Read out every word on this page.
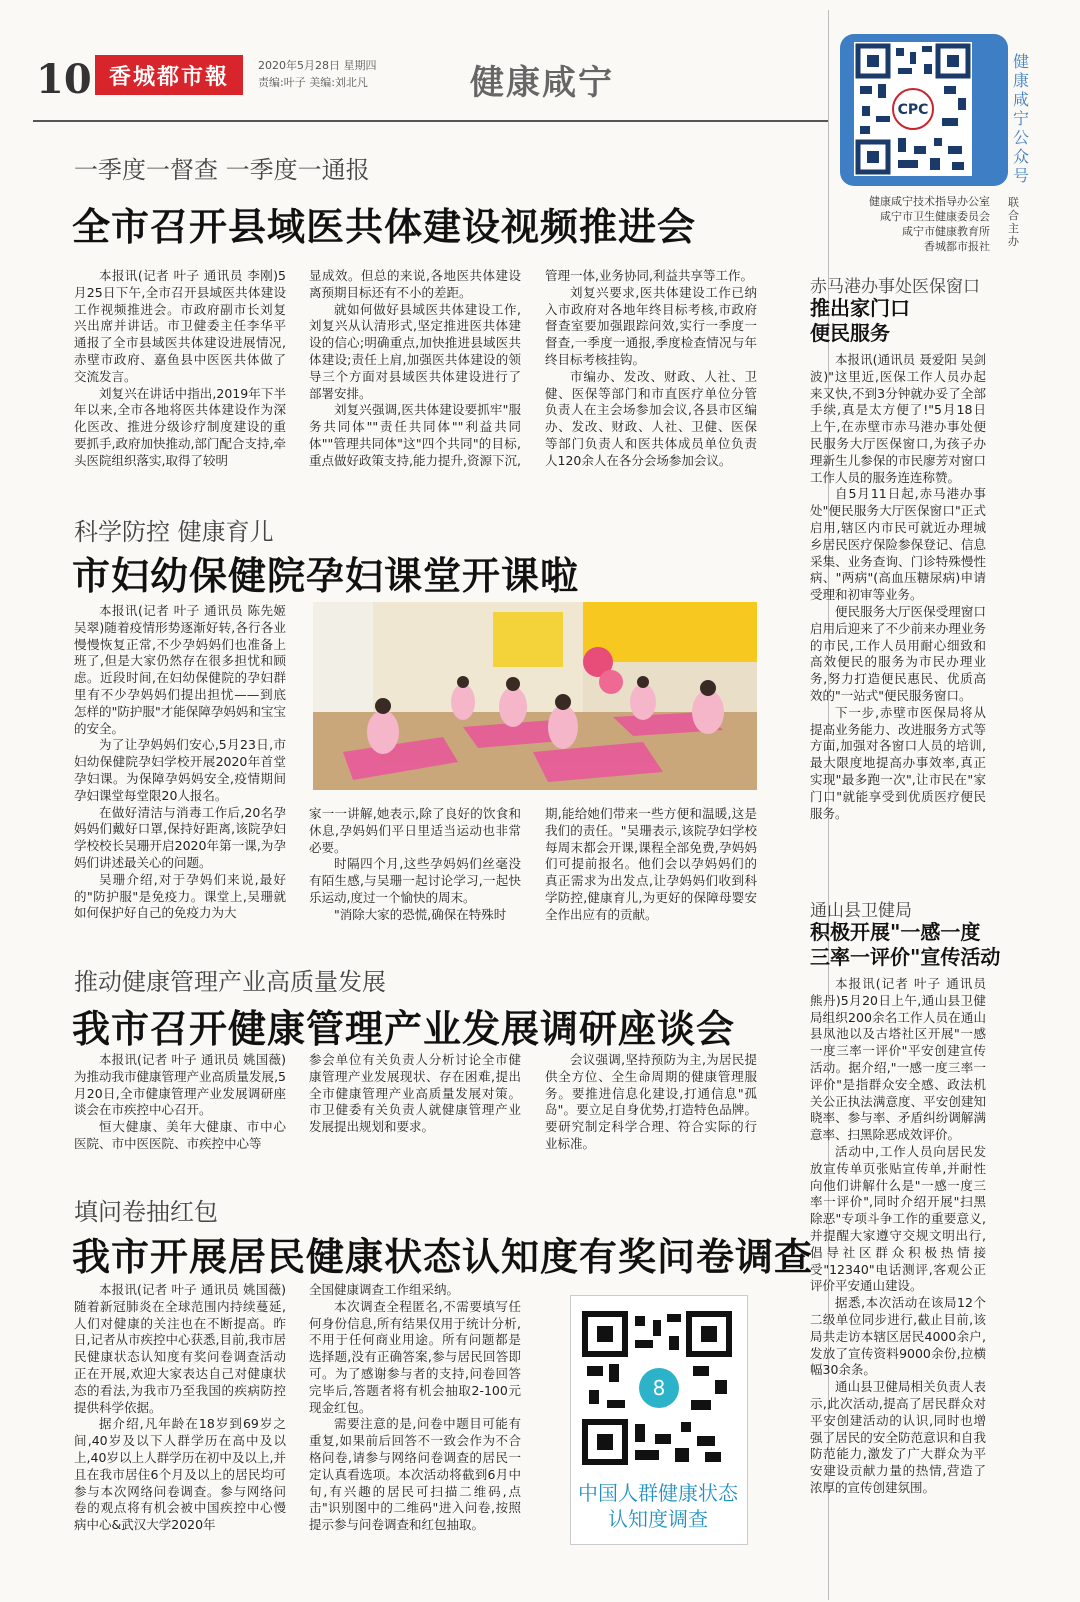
10 香城都市報	2020年5月28日 星期四
责编:叶子 美编:刘北凡	健康咸宁
CPC
健康咸宁公众号
健康咸宁技术指导办公室
咸宁市卫生健康委员会
咸宁市健康教育所
香城都市报社
联合主办
一季度一督查 一季度一通报
全市召开县域医共体建设视频推进会

本报讯(记者 叶子 通讯员 李刚)5月25日下午,全市召开县域医共体建设工作视频推进会。市政府副市长刘复兴出席并讲话。市卫健委主任李华平通报了全市县域医共体建设进展情况,赤壁市政府、嘉鱼县中医医共体做了交流发言。

刘复兴在讲话中指出,2019年下半年以来,全市各地将医共体建设作为深化医改、推进分级诊疗制度建设的重要抓手,政府加快推动,部门配合支持,牵头医院组织落实,取得了较明

显成效。但总的来说,各地医共体建设离预期目标还有不小的差距。

就如何做好县域医共体建设工作,刘复兴从认清形式,坚定推进医共体建设的信心;明确重点,加快推进县域医共体建设;责任上肩,加强医共体建设的领导三个方面对县域医共体建设进行了部署安排。

刘复兴强调,医共体建设要抓牢"服务共同体""责任共同体""利益共同体""管理共同体"这"四个共同"的目标,重点做好政策支持,能力提升,资源下沉,

管理一体,业务协同,利益共享等工作。

刘复兴要求,医共体建设工作已纳入市政府对各地年终目标考核,市政府督查室要加强跟踪问效,实行一季度一督查,一季度一通报,季度检查情况与年终目标考核挂钩。

市编办、发改、财政、人社、卫健、医保等部门和市直医疗单位分管负责人在主会场参加会议,各县市区编办、发改、财政、人社、卫健、医保等部门负责人和医共体成员单位负责人120余人在各分会场参加会议。

科学防控 健康育儿
市妇幼保健院孕妇课堂开课啦

本报讯(记者 叶子 通讯员 陈先姬 吴翠)随着疫情形势逐渐好转,各行各业慢慢恢复正常,不少孕妈妈们也准备上班了,但是大家仍然存在很多担忧和顾虑。近段时间,在妇幼保健院的孕妇群里有不少孕妈妈们提出担忧——到底怎样的"防护服"才能保障孕妈妈和宝宝的安全。

为了让孕妈妈们安心,5月23日,市妇幼保健院孕妇学校开展2020年首堂孕妇课。为保障孕妈妈安全,疫情期间孕妇课堂每堂限20人报名。

在做好清洁与消毒工作后,20名孕妈妈们戴好口罩,保持好距离,该院孕妇学校校长吴珊开启2020年第一课,为孕妈们讲述最关心的问题。

吴珊介绍,对于孕妈们来说,最好的"防护服"是免疫力。课堂上,吴珊就如何保护好自己的免疫力为大

家一一讲解,她表示,除了良好的饮食和休息,孕妈妈们平日里适当运动也非常必要。

时隔四个月,这些孕妈妈们丝毫没有陌生感,与吴珊一起讨论学习,一起快乐运动,度过一个愉快的周末。

"消除大家的恐慌,确保在特殊时

期,能给她们带来一些方便和温暖,这是我们的责任。"吴珊表示,该院孕妇学校每周末都会开课,课程全部免费,孕妈妈们可提前报名。他们会以孕妈妈们的真正需求为出发点,让孕妈妈们收到科学防控,健康育儿,为更好的保障母婴安全作出应有的贡献。

推动健康管理产业高质量发展
我市召开健康管理产业发展调研座谈会

本报讯(记者 叶子 通讯员 姚国薇)为推动我市健康管理产业高质量发展,5月20日,全市健康管理产业发展调研座谈会在市疾控中心召开。

恒大健康、美年大健康、市中心医院、市中医医院、市疾控中心等

参会单位有关负责人分析讨论全市健康管理产业发展现状、存在困难,提出全市健康管理产业高质量发展对策。市卫健委有关负责人就健康管理产业发展提出规划和要求。

会议强调,坚持预防为主,为居民提供全方位、全生命周期的健康管理服务。要推进信息化建设,打通信息"孤岛"。要立足自身优势,打造特色品牌。要研究制定科学合理、符合实际的行业标准。

填问卷抽红包
我市开展居民健康状态认知度有奖问卷调查

本报讯(记者 叶子 通讯员 姚国薇)随着新冠肺炎在全球范围内持续蔓延,人们对健康的关注也在不断提高。昨日,记者从市疾控中心获悉,目前,我市居民健康状态认知度有奖问卷调查活动正在开展,欢迎大家表达自己对健康状态的看法,为我市乃至我国的疾病防控提供科学依据。

据介绍,凡年龄在18岁到69岁之间,40岁及以下人群学历在高中及以上,40岁以上人群学历在初中及以上,并且在我市居住6个月及以上的居民均可参与本次网络问卷调查。参与网络问卷的观点将有机会被中国疾控中心慢病中心&武汉大学2020年

全国健康调查工作组采纳。

本次调查全程匿名,不需要填写任何身份信息,所有结果仅用于统计分析,不用于任何商业用途。所有问题都是选择题,没有正确答案,参与居民回答即可。为了感谢参与者的支持,问卷回答完毕后,答题者将有机会抽取2-100元现金红包。

需要注意的是,问卷中题目可能有重复,如果前后回答不一致会作为不合格问卷,请参与网络问卷调查的居民一定认真看选项。本次活动将截到6月中旬,有兴趣的居民可扫描二维码,点击"识别图中的二维码"进入问卷,按照提示参与问卷调查和红包抽取。

8
中国人群健康状态
认知度调查
赤马港办事处医保窗口
推出家门口
便民服务

本报讯(通讯员 聂爱阳 吴剑波)"这里近,医保工作人员办起来又快,不到3分钟就办妥了全部手续,真是太方便了!"5月18日上午,在赤壁市赤马港办事处便民服务大厅医保窗口,为孩子办理新生儿参保的市民廖芳对窗口工作人员的服务连连称赞。

自5月11日起,赤马港办事处"便民服务大厅医保窗口"正式启用,辖区内市民可就近办理城乡居民医疗保险参保登记、信息采集、业务查询、门诊特殊慢性病、"两病"(高血压糖尿病)申请受理和初审等业务。

便民服务大厅医保受理窗口启用后迎来了不少前来办理业务的市民,工作人员用耐心细致和高效便民的服务为市民办理业务,努力打造便民惠民、优质高效的"一站式"便民服务窗口。

下一步,赤壁市医保局将从提高业务能力、改进服务方式等方面,加强对各窗口人员的培训,最大限度地提高办事效率,真正实现"最多跑一次",让市民在"家门口"就能享受到优质医疗便民服务。

通山县卫健局
积极开展"一感一度
三率一评价"宣传活动

本报讯(记者 叶子 通讯员 熊丹)5月20日上午,通山县卫健局组织200余名工作人员在通山县凤池以及古塔社区开展"一感一度三率一评价"平安创建宣传活动。据介绍,"一感一度三率一评价"是指群众安全感、政法机关公正执法满意度、平安创建知晓率、参与率、矛盾纠纷调解满意率、扫黑除恶成效评价。

活动中,工作人员向居民发放宣传单页张贴宣传单,并耐性向他们讲解什么是"一感一度三率一评价",同时介绍开展"扫黑除恶"专项斗争工作的重要意义,并提醒大家遵守交规文明出行,倡导社区群众积极热情接受"12340"电话测评,客观公正评价平安通山建设。

据悉,本次活动在该局12个二级单位同步进行,截止目前,该局共走访本辖区居民4000余户,发放了宣传资料9000余份,拉横幅30余条。

通山县卫健局相关负责人表示,此次活动,提高了居民群众对平安创建活动的认识,同时也增强了居民的安全防范意识和自我防范能力,激发了广大群众为平安建设贡献力量的热情,营造了浓厚的宣传创建氛围。
